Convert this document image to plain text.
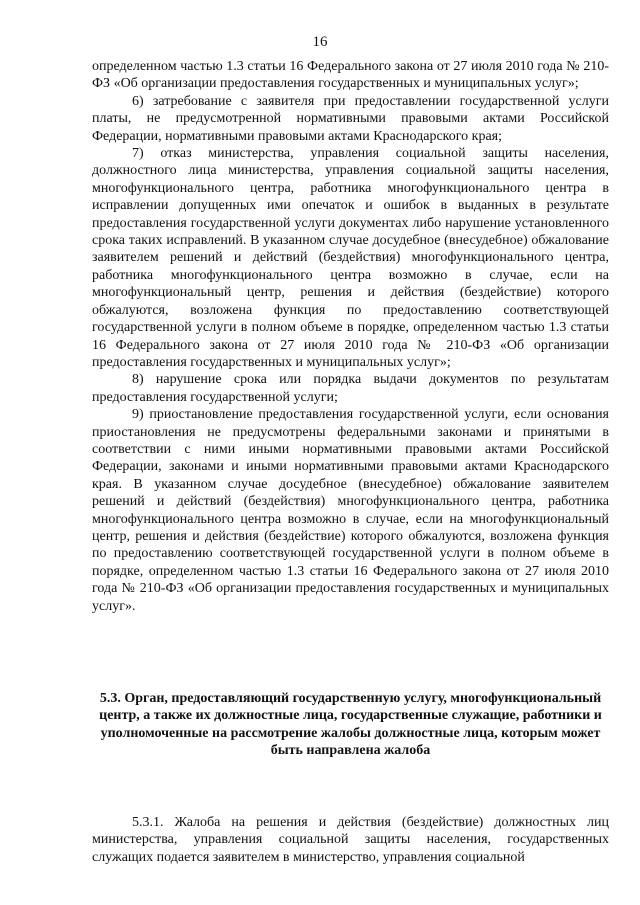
16

определенном частью 1.3 статьи 16 Федерального закона от 27 июля 2010 года № 210-ФЗ «Об организации предоставления государственных и муниципальных услуг»;

6) затребование с заявителя при предоставлении государственной услуги платы, не предусмотренной нормативными правовыми актами Российской Федерации, нормативными правовыми актами Краснодарского края;

7) отказ министерства, управления социальной защиты населения, должностного лица министерства, управления социальной защиты населения, многофункционального центра, работника многофункционального центра в исправлении допущенных ими опечаток и ошибок в выданных в результате предоставления государственной услуги документах либо нарушение установленного срока таких исправлений. В указанном случае досудебное (внесудебное) обжалование заявителем решений и действий (бездействия) многофункционального центра, работника многофункционального центра возможно в случае, если на многофункциональный центр, решения и действия (бездействие) которого обжалуются, возложена функция по предоставлению соответствующей государственной услуги в полном объеме в порядке, определенном частью 1.3 статьи 16 Федерального закона от 27 июля 2010 года № 210-ФЗ «Об организации предоставления государственных и муниципальных услуг»;

8) нарушение срока или порядка выдачи документов по результатам предоставления государственной услуги;

9) приостановление предоставления государственной услуги, если основания приостановления не предусмотрены федеральными законами и принятыми в соответствии с ними иными нормативными правовыми актами Российской Федерации, законами и иными нормативными правовыми актами Краснодарского края. В указанном случае досудебное (внесудебное) обжалование заявителем решений и действий (бездействия) многофункционального центра, работника многофункционального центра возможно в случае, если на многофункциональный центр, решения и действия (бездействие) которого обжалуются, возложена функция по предоставлению соответствующей государственной услуги в полном объеме в порядке, определенном частью 1.3 статьи 16 Федерального закона от 27 июля 2010 года № 210-ФЗ «Об организации предоставления государственных и муниципальных услуг».

5.3. Орган, предоставляющий государственную услугу, многофункциональный центр, а также их должностные лица, государственные служащие, работники и уполномоченные на рассмотрение жалобы должностные лица, которым может быть направлена жалоба

5.3.1. Жалоба на решения и действия (бездействие) должностных лиц министерства, управления социальной защиты населения, государственных служащих подается заявителем в министерство, управления социальной
